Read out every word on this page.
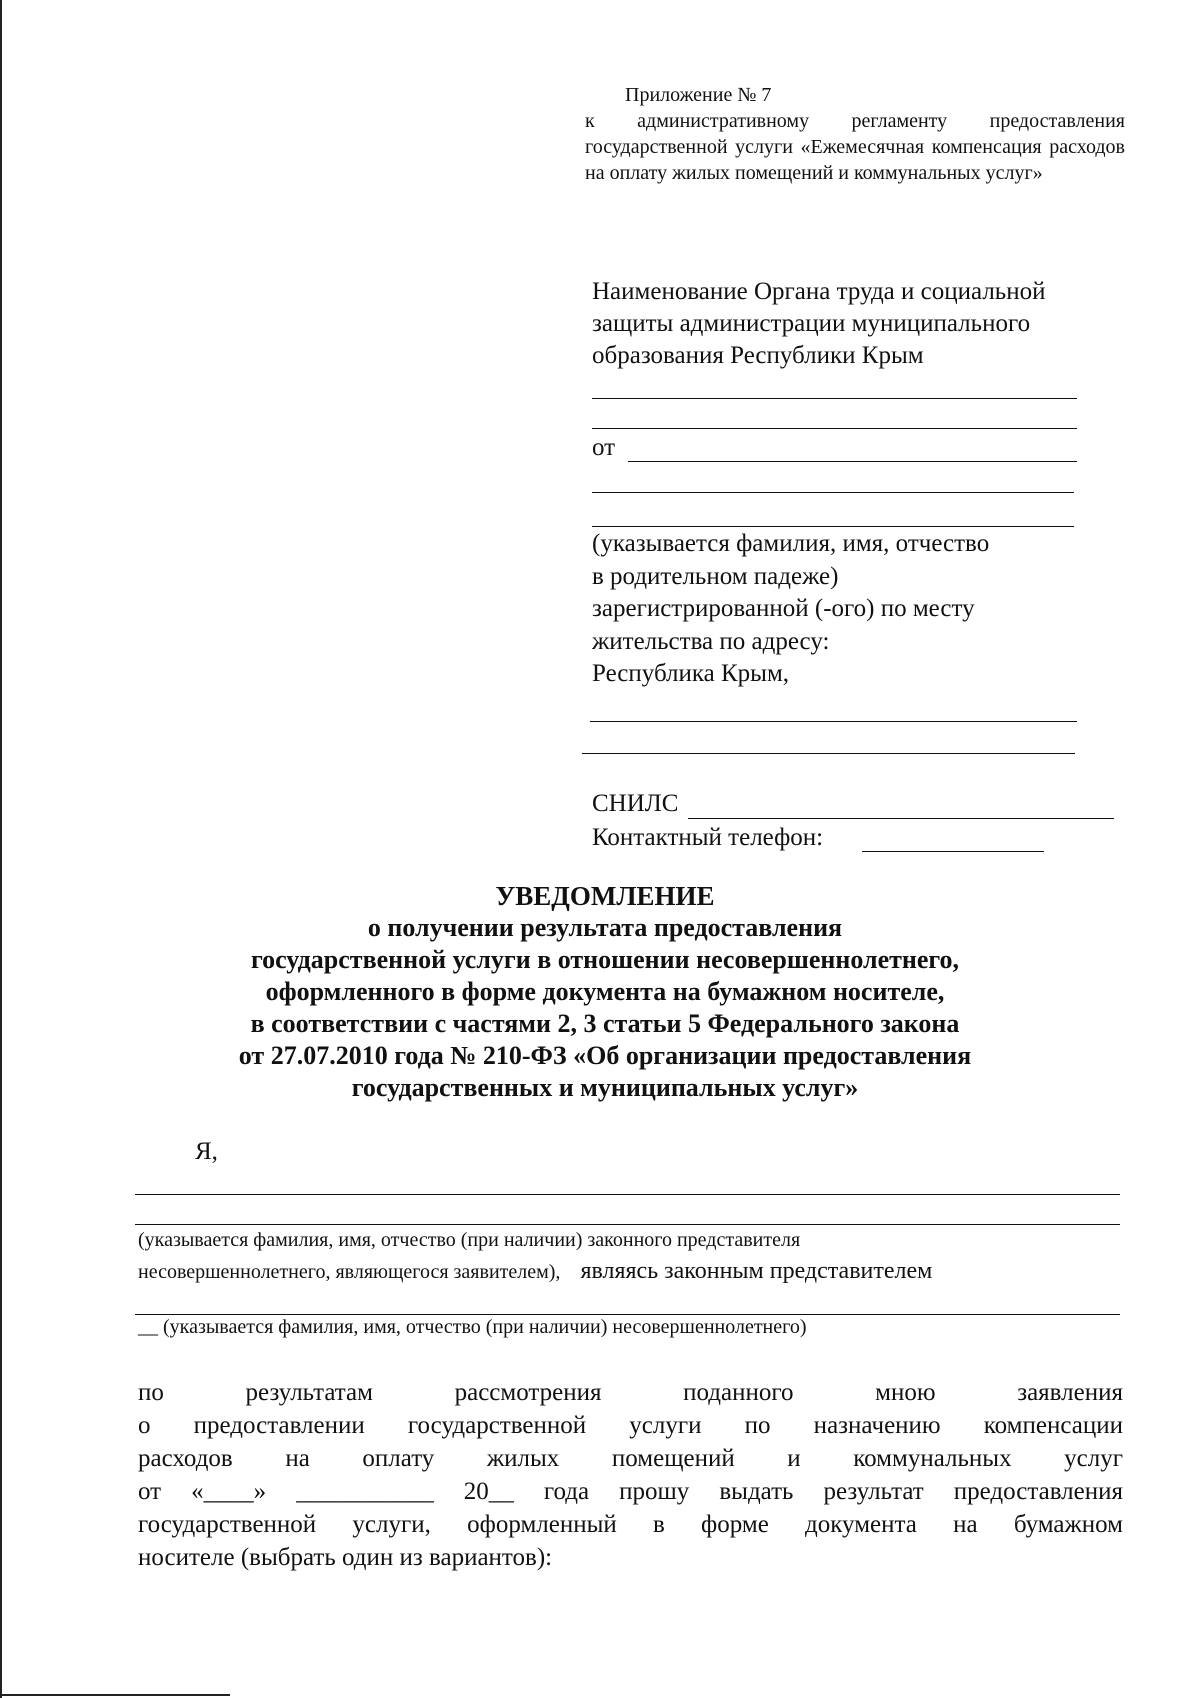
Приложение № 7

к административному регламенту предоставления государственной услуги «Ежемесячная компенсация расходов на оплату жилых помещений и коммунальных услуг»

Наименование Органа труда и социальной защиты администрации муниципального образования Республики Крым
от
(указывается фамилия, имя, отчество
в родительном падеже)
зарегистрированной (-ого) по месту
жительства по адресу:
Республика Крым,
СНИЛС
Контактный телефон:
УВЕДОМЛЕНИЕ
о получении результата предоставления
государственной услуги в отношении несовершеннолетнего,
оформленного в форме документа на бумажном носителе,
в соответствии с частями 2, 3 статьи 5 Федерального закона
от 27.07.2010 года № 210-ФЗ «Об организации предоставления
государственных и муниципальных услуг»
Я,
(указывается фамилия, имя, отчество (при наличии) законного представителя
несовершеннолетнего, являющегося заявителем), являясь законным представителем
__ (указывается фамилия, имя, отчество (при наличии) несовершеннолетнего)
по результатам рассмотрения поданного мною заявления
о предоставлении государственной услуги по назначению компенсации
расходов на оплату жилых помещений и коммунальных услуг
от «____» ___________ 20__ года прошу выдать результат предоставления
государственной услуги, оформленный в форме документа на бумажном
носителе (выбрать один из вариантов):
